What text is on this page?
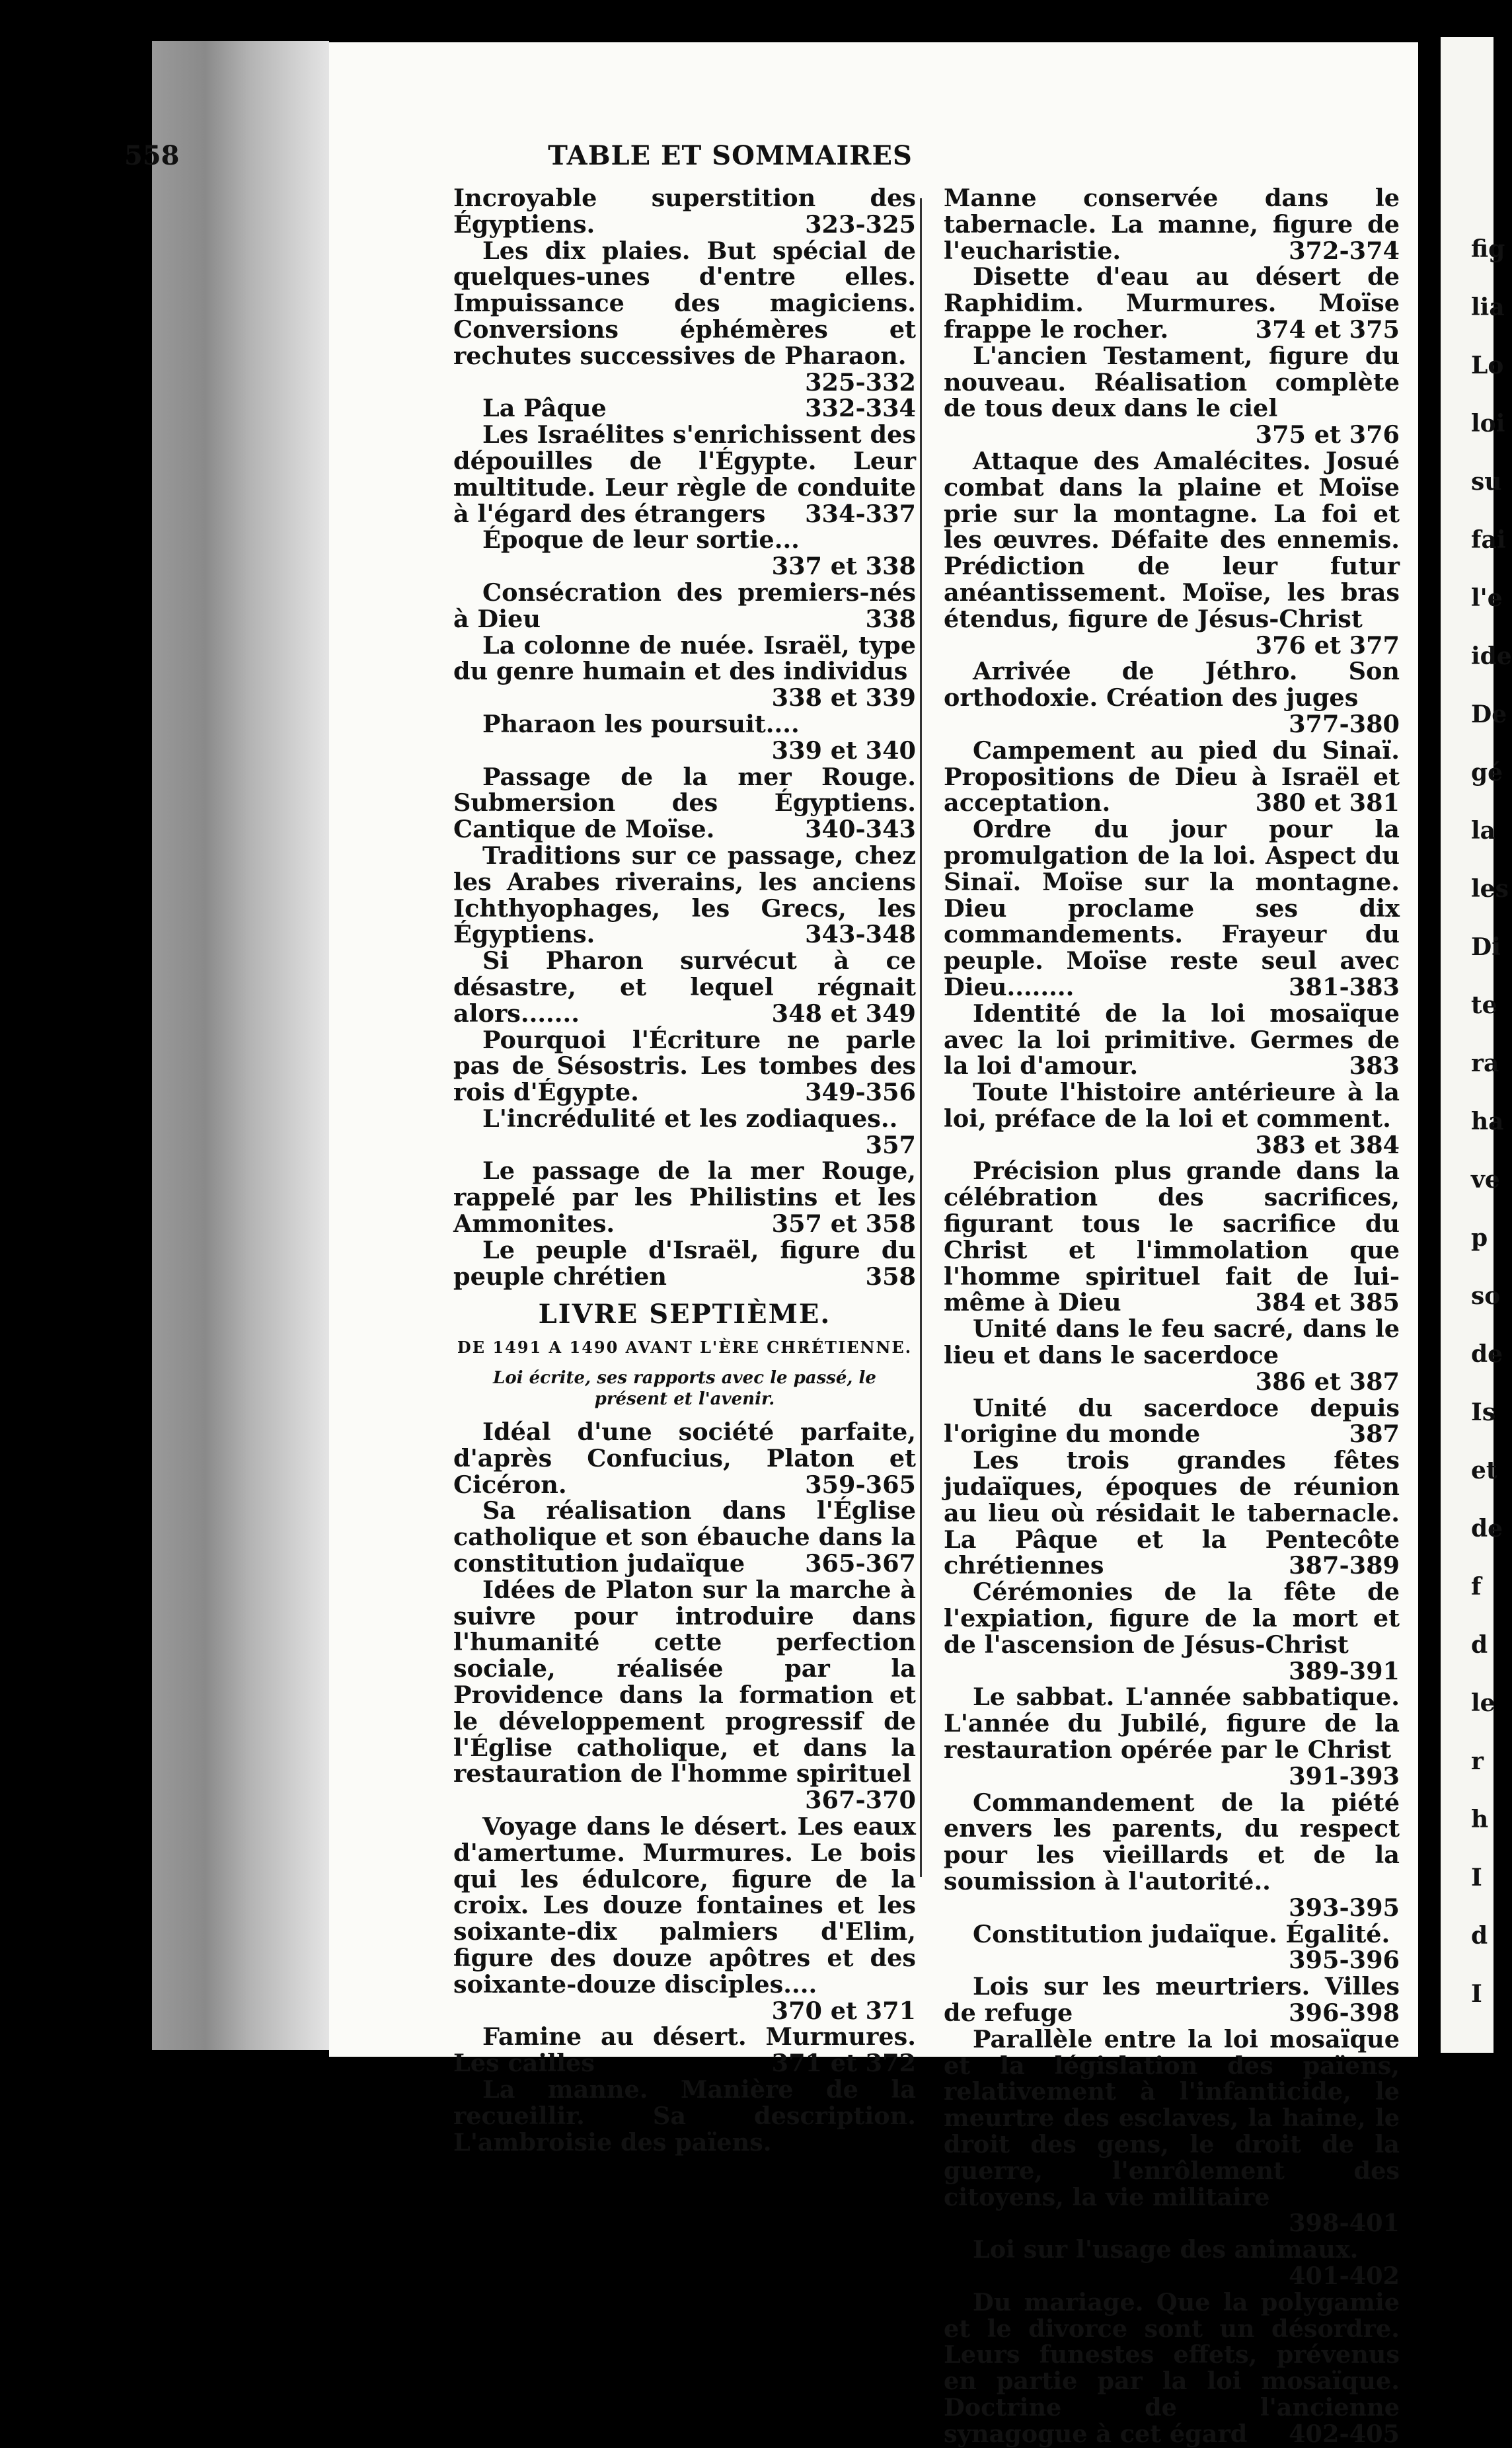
fig
lia
Lo
loi
su
fai
l'e
ide
De
gé
la
les
Di
te
ra
ha
ve
p
so
de
Is
et
de
f
d
le
r
h
I
d
I
558	TABLE ET SOMMAIRES

Incroyable superstition des Égyptiens.	323-325

Les dix plaies. But spécial de quelques-unes d'entre elles. Impuissance des magiciens. Conversions éphémères et rechutes successives de Pharaon.
325-332

La Pâque	332-334

Les Israélites s'enrichissent des dépouilles de l'Égypte. Leur multitude. Leur règle de conduite à l'égard des étrangers	334-337

Époque de leur sortie...
337 et 338

Consécration des premiers-nés à Dieu	338

La colonne de nuée. Israël, type du genre humain et des individus
338 et 339

Pharaon les poursuit....
339 et 340

Passage de la mer Rouge. Submersion des Égyptiens. Cantique de Moïse.	340-343

Traditions sur ce passage, chez les Arabes riverains, les anciens Ichthyophages, les Grecs, les Égyptiens.	343-348

Si Pharon survécut à ce désastre, et lequel régnait alors.......	348 et 349

Pourquoi l'Écriture ne parle pas de Sésostris. Les tombes des rois d'Égypte.	349-356

L'incrédulité et les zodiaques..
357

Le passage de la mer Rouge, rappelé par les Philistins et les Ammonites.	357 et 358

Le peuple d'Israël, figure du peuple chrétien	358

LIVRE SEPTIÈME.
DE 1491 A 1490 AVANT L'ÈRE CHRÉTIENNE.
Loi écrite, ses rapports avec le passé, le présent et l'avenir.

Idéal d'une société parfaite, d'après Confucius, Platon et Cicéron.	359-365

Sa réalisation dans l'Église catholique et son ébauche dans la constitution judaïque	365-367

Idées de Platon sur la marche à suivre pour introduire dans l'humanité cette perfection sociale, réalisée par la Providence dans la formation et le développement progressif de l'Église catholique, et dans la restauration de l'homme spirituel
367-370

Voyage dans le désert. Les eaux d'amertume. Murmures. Le bois qui les édulcore, figure de la croix. Les douze fontaines et les soixante-dix palmiers d'Elim, figure des douze apôtres et des soixante-douze disciples....
370 et 371

Famine au désert. Murmures. Les cailles	371 et 372

La manne. Manière de la recueillir. Sa description. L'ambroisie des païens.

Manne conservée dans le tabernacle. La manne, figure de l'eucharistie.	372-374

Disette d'eau au désert de Raphidim. Murmures. Moïse frappe le rocher.	374 et 375

L'ancien Testament, figure du nouveau. Réalisation complète de tous deux dans le ciel
375 et 376

Attaque des Amalécites. Josué combat dans la plaine et Moïse prie sur la montagne. La foi et les œuvres. Défaite des ennemis. Prédiction de leur futur anéantissement. Moïse, les bras étendus, figure de Jésus-Christ
376 et 377

Arrivée de Jéthro. Son orthodoxie. Création des juges
377-380

Campement au pied du Sinaï. Propositions de Dieu à Israël et acceptation.	380 et 381

Ordre du jour pour la promulgation de la loi. Aspect du Sinaï. Moïse sur la montagne. Dieu proclame ses dix commandements. Frayeur du peuple. Moïse reste seul avec Dieu........	381-383

Identité de la loi mosaïque avec la loi primitive. Germes de la loi d'amour.	383

Toute l'histoire antérieure à la loi, préface de la loi et comment.
383 et 384

Précision plus grande dans la célébration des sacrifices, figurant tous le sacrifice du Christ et l'immolation que l'homme spirituel fait de lui-même à Dieu	384 et 385

Unité dans le feu sacré, dans le lieu et dans le sacerdoce
386 et 387

Unité du sacerdoce depuis l'origine du monde	387

Les trois grandes fêtes judaïques, époques de réunion au lieu où résidait le tabernacle. La Pâque et la Pentecôte chrétiennes	387-389

Cérémonies de la fête de l'expiation, figure de la mort et de l'ascension de Jésus-Christ
389-391

Le sabbat. L'année sabbatique. L'année du Jubilé, figure de la restauration opérée par le Christ
391-393

Commandement de la piété envers les parents, du respect pour les vieillards et de la soumission à l'autorité..
393-395

Constitution judaïque. Égalité.
395-396

Lois sur les meurtriers. Villes de refuge	396-398

Parallèle entre la loi mosaïque et la législation des païens, relativement à l'infanticide, le meurtre des esclaves, la haine, le droit des gens, le droit de la guerre, l'enrôlement des citoyens, la vie militaire
398-401

Loi sur l'usage des animaux.
401-402

Du mariage. Que la polygamie et le divorce sont un désordre. Leurs funestes effets, prévenus en partie par la loi mosaïque. Doctrine de l'ancienne synagogue à cet égard	402-405
